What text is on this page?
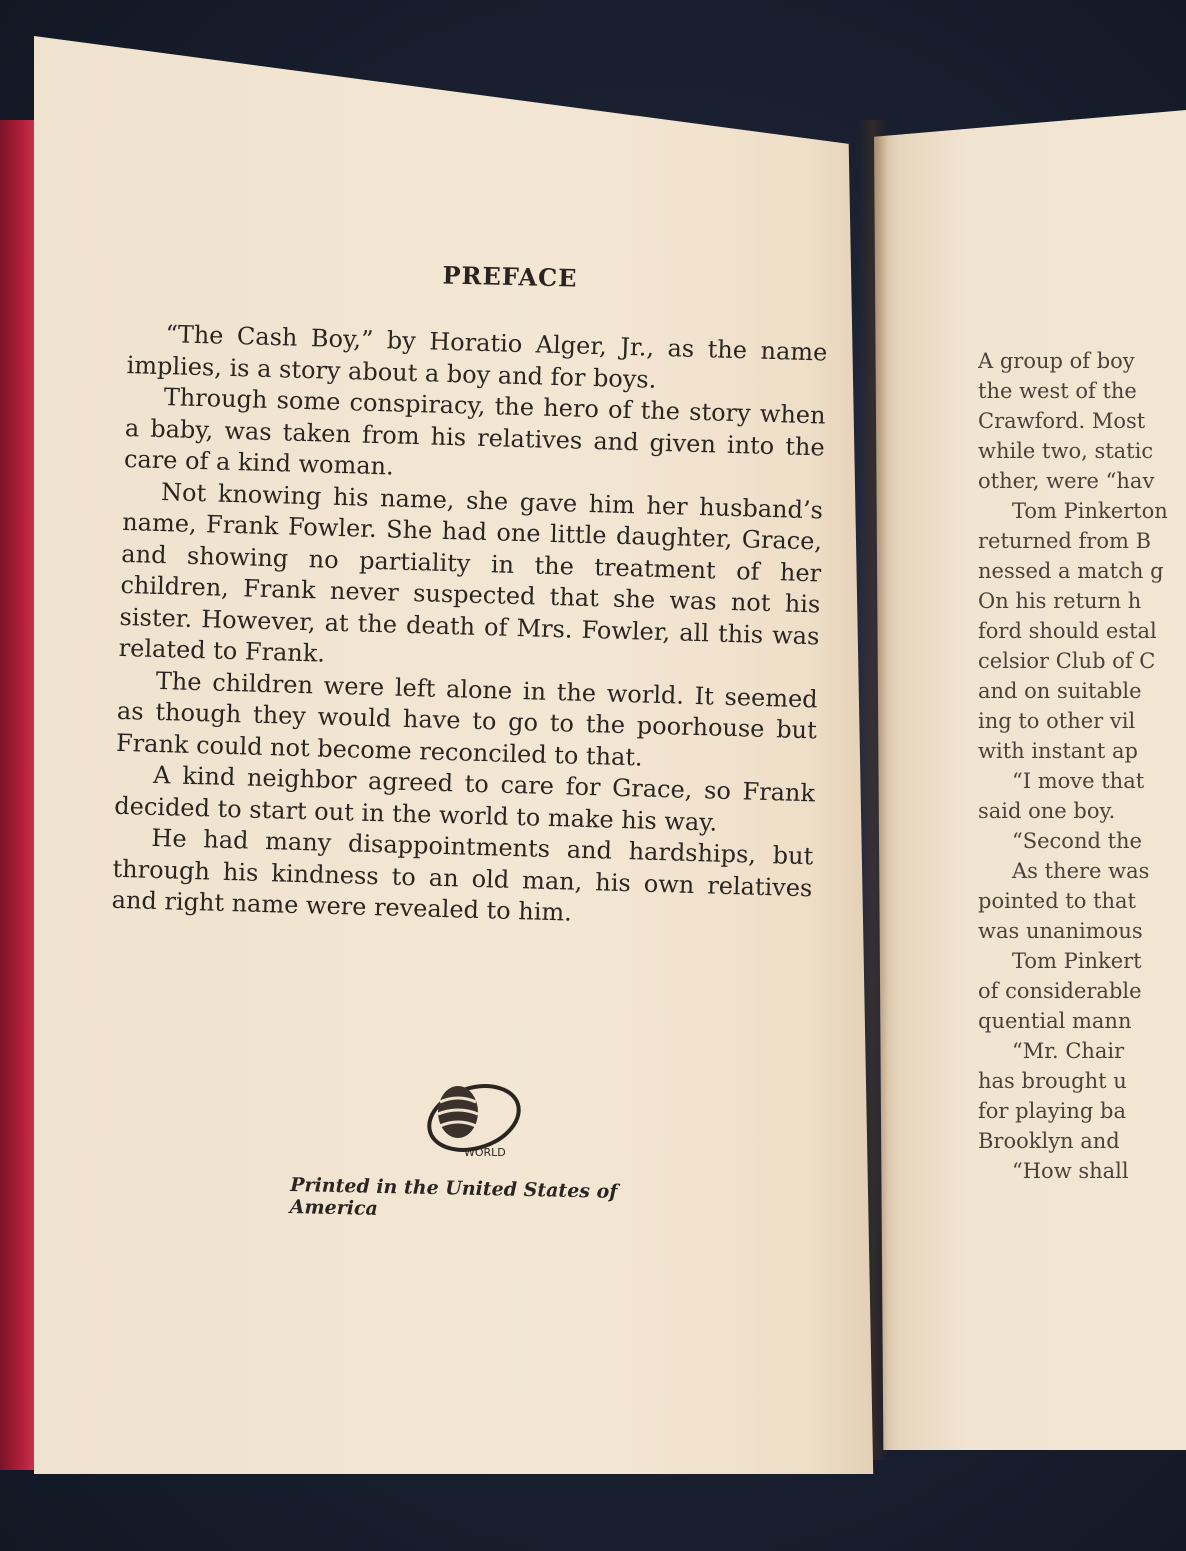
PREFACE

“The Cash Boy,” by Horatio Alger, Jr., as the name implies, is a story about a boy and for boys.

Through some conspiracy, the hero of the story when a baby, was taken from his relatives and given into the care of a kind woman.

Not knowing his name, she gave him her husband’s name, Frank Fowler. She had one little daughter, Grace, and showing no partiality in the treatment of her children, Frank never suspected that she was not his sister. However, at the death of Mrs. Fowler, all this was related to Frank.

The children were left alone in the world. It seemed as though they would have to go to the poorhouse but Frank could not become reconciled to that.

A kind neighbor agreed to care for Grace, so Frank decided to start out in the world to make his way.

He had many disappointments and hardships, but through his kindness to an old man, his own relatives and right name were revealed to him.

WORLD
Printed in the United States of America
A group of boy
the west of the
Crawford. Most
while two, static
other, were “hav
Tom Pinkerton
returned from B
nessed a match g
On his return h
ford should estal
celsior Club of C
and on suitable
ing to other vil
with instant ap
“I move that
said one boy.
“Second the
As there was
pointed to that
was unanimous
Tom Pinkert
of considerable
quential mann
“Mr. Chair
has brought u
for playing ba
Brooklyn and
“How shall
